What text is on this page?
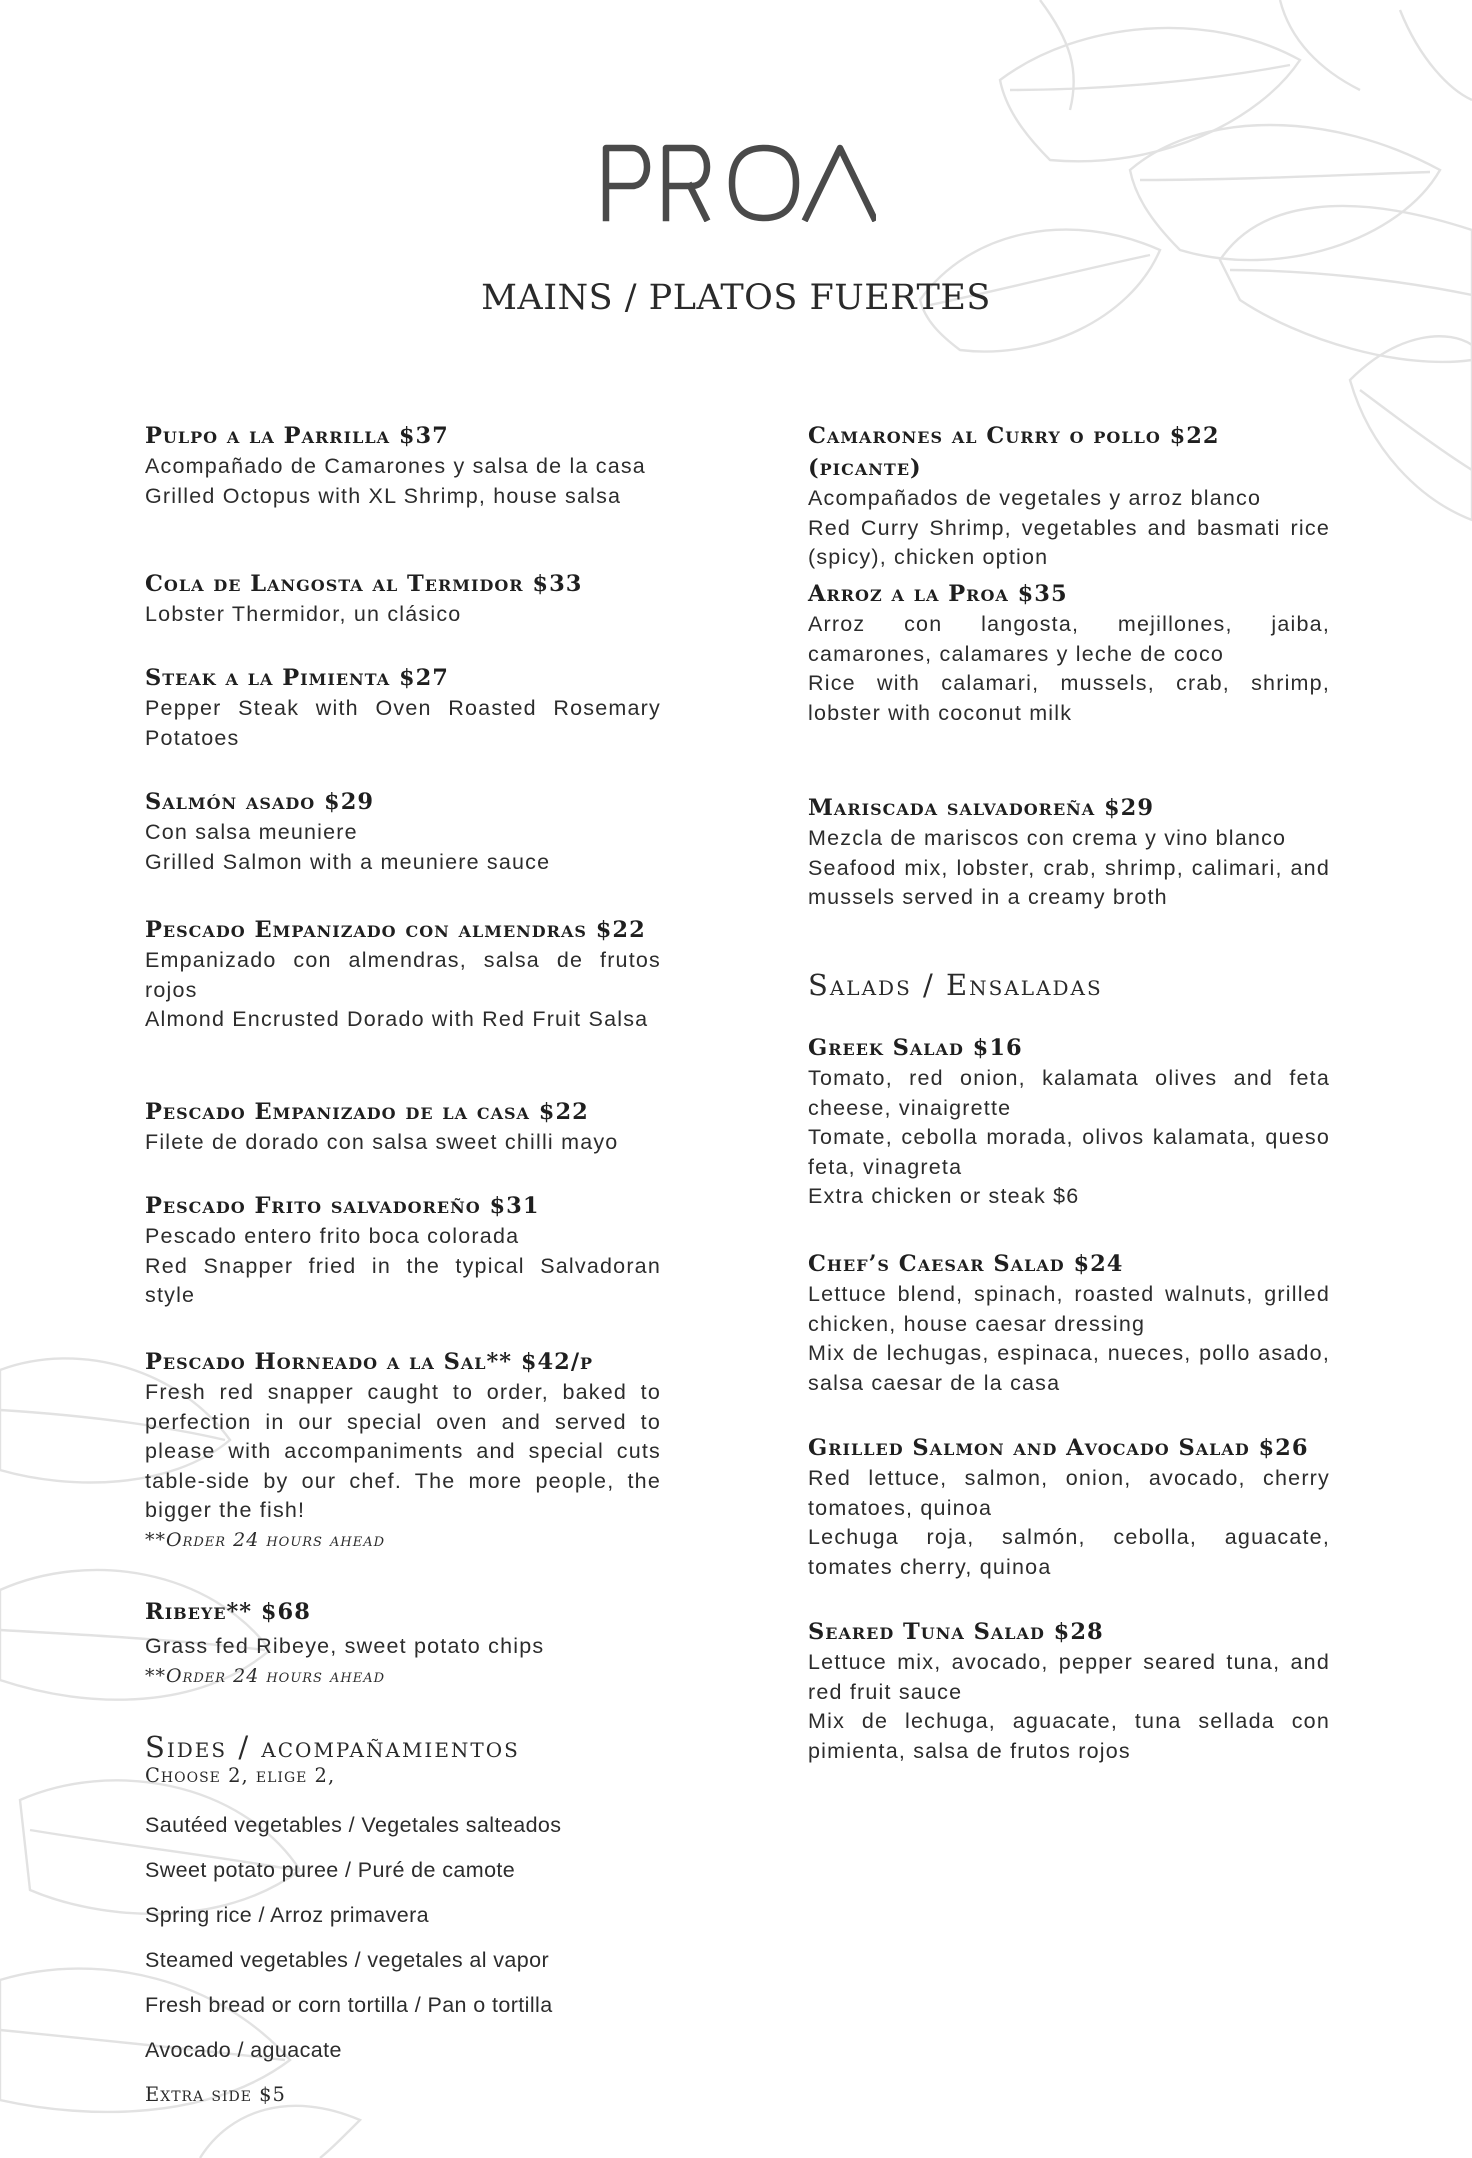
MAINS / PLATOS FUERTES

Pulpo a la Parrilla $37

Acompañado de Camarones y salsa de la casa

Grilled Octopus with XL Shrimp, house salsa

Cola de Langosta al Termidor $33

Lobster Thermidor, un clásico

Steak a la Pimienta $27

Pepper Steak with Oven Roasted Rosemary Potatoes

Salmón asado $29

Con salsa meuniere

Grilled Salmon with a meuniere sauce

Pescado Empanizado con almendras $22

Empanizado con almendras, salsa de frutos rojos

Almond Encrusted Dorado with Red Fruit Salsa

Pescado Empanizado de la casa $22

Filete de dorado con salsa sweet chilli mayo

Pescado Frito salvadoreño $31

Pescado entero frito boca colorada

Red Snapper fried in the typical Salvadoran style

Pescado Horneado a la Sal** $42/p

Fresh red snapper caught to order, baked to perfection in our special oven and served to please with accompaniments and special cuts table-side by our chef. The more people, the bigger the fish!

**Order 24 hours ahead

Ribeye** $68

Grass fed Ribeye, sweet potato chips

**Order 24 hours ahead

Sides / acompañamientos

Choose 2, elige 2,

Sautéed vegetables / Vegetales salteados

Sweet potato puree / Puré de camote

Spring rice / Arroz primavera

Steamed vegetables / vegetales al vapor

Fresh bread or corn tortilla / Pan o tortilla

Avocado / aguacate

Extra side $5

Camarones al Curry o pollo $22 (picante)

Acompañados de vegetales y arroz blanco

Red Curry Shrimp, vegetables and basmati rice (spicy), chicken option

Arroz a la Proa $35

Arroz con langosta, mejillones, jaiba, camarones, calamares y leche de coco

Rice with calamari, mussels, crab, shrimp, lobster with coconut milk

Mariscada salvadoreña $29

Mezcla de mariscos con crema y vino blanco

Seafood mix, lobster, crab, shrimp, calimari, and mussels served in a creamy broth

Salads / Ensaladas

Greek Salad $16

Tomato, red onion, kalamata olives and feta cheese, vinaigrette

Tomate, cebolla morada, olivos kalamata, queso feta, vinagreta

Extra chicken or steak $6

Chef’s Caesar Salad $24

Lettuce blend, spinach, roasted walnuts, grilled chicken, house caesar dressing

Mix de lechugas, espinaca, nueces, pollo asado, salsa caesar de la casa

Grilled Salmon and Avocado Salad $26

Red lettuce, salmon, onion, avocado, cherry tomatoes, quinoa

Lechuga roja, salmón, cebolla, aguacate, tomates cherry, quinoa

Seared Tuna Salad $28

Lettuce mix, avocado, pepper seared tuna, and red fruit sauce

Mix de lechuga, aguacate, tuna sellada con pimienta, salsa de frutos rojos
